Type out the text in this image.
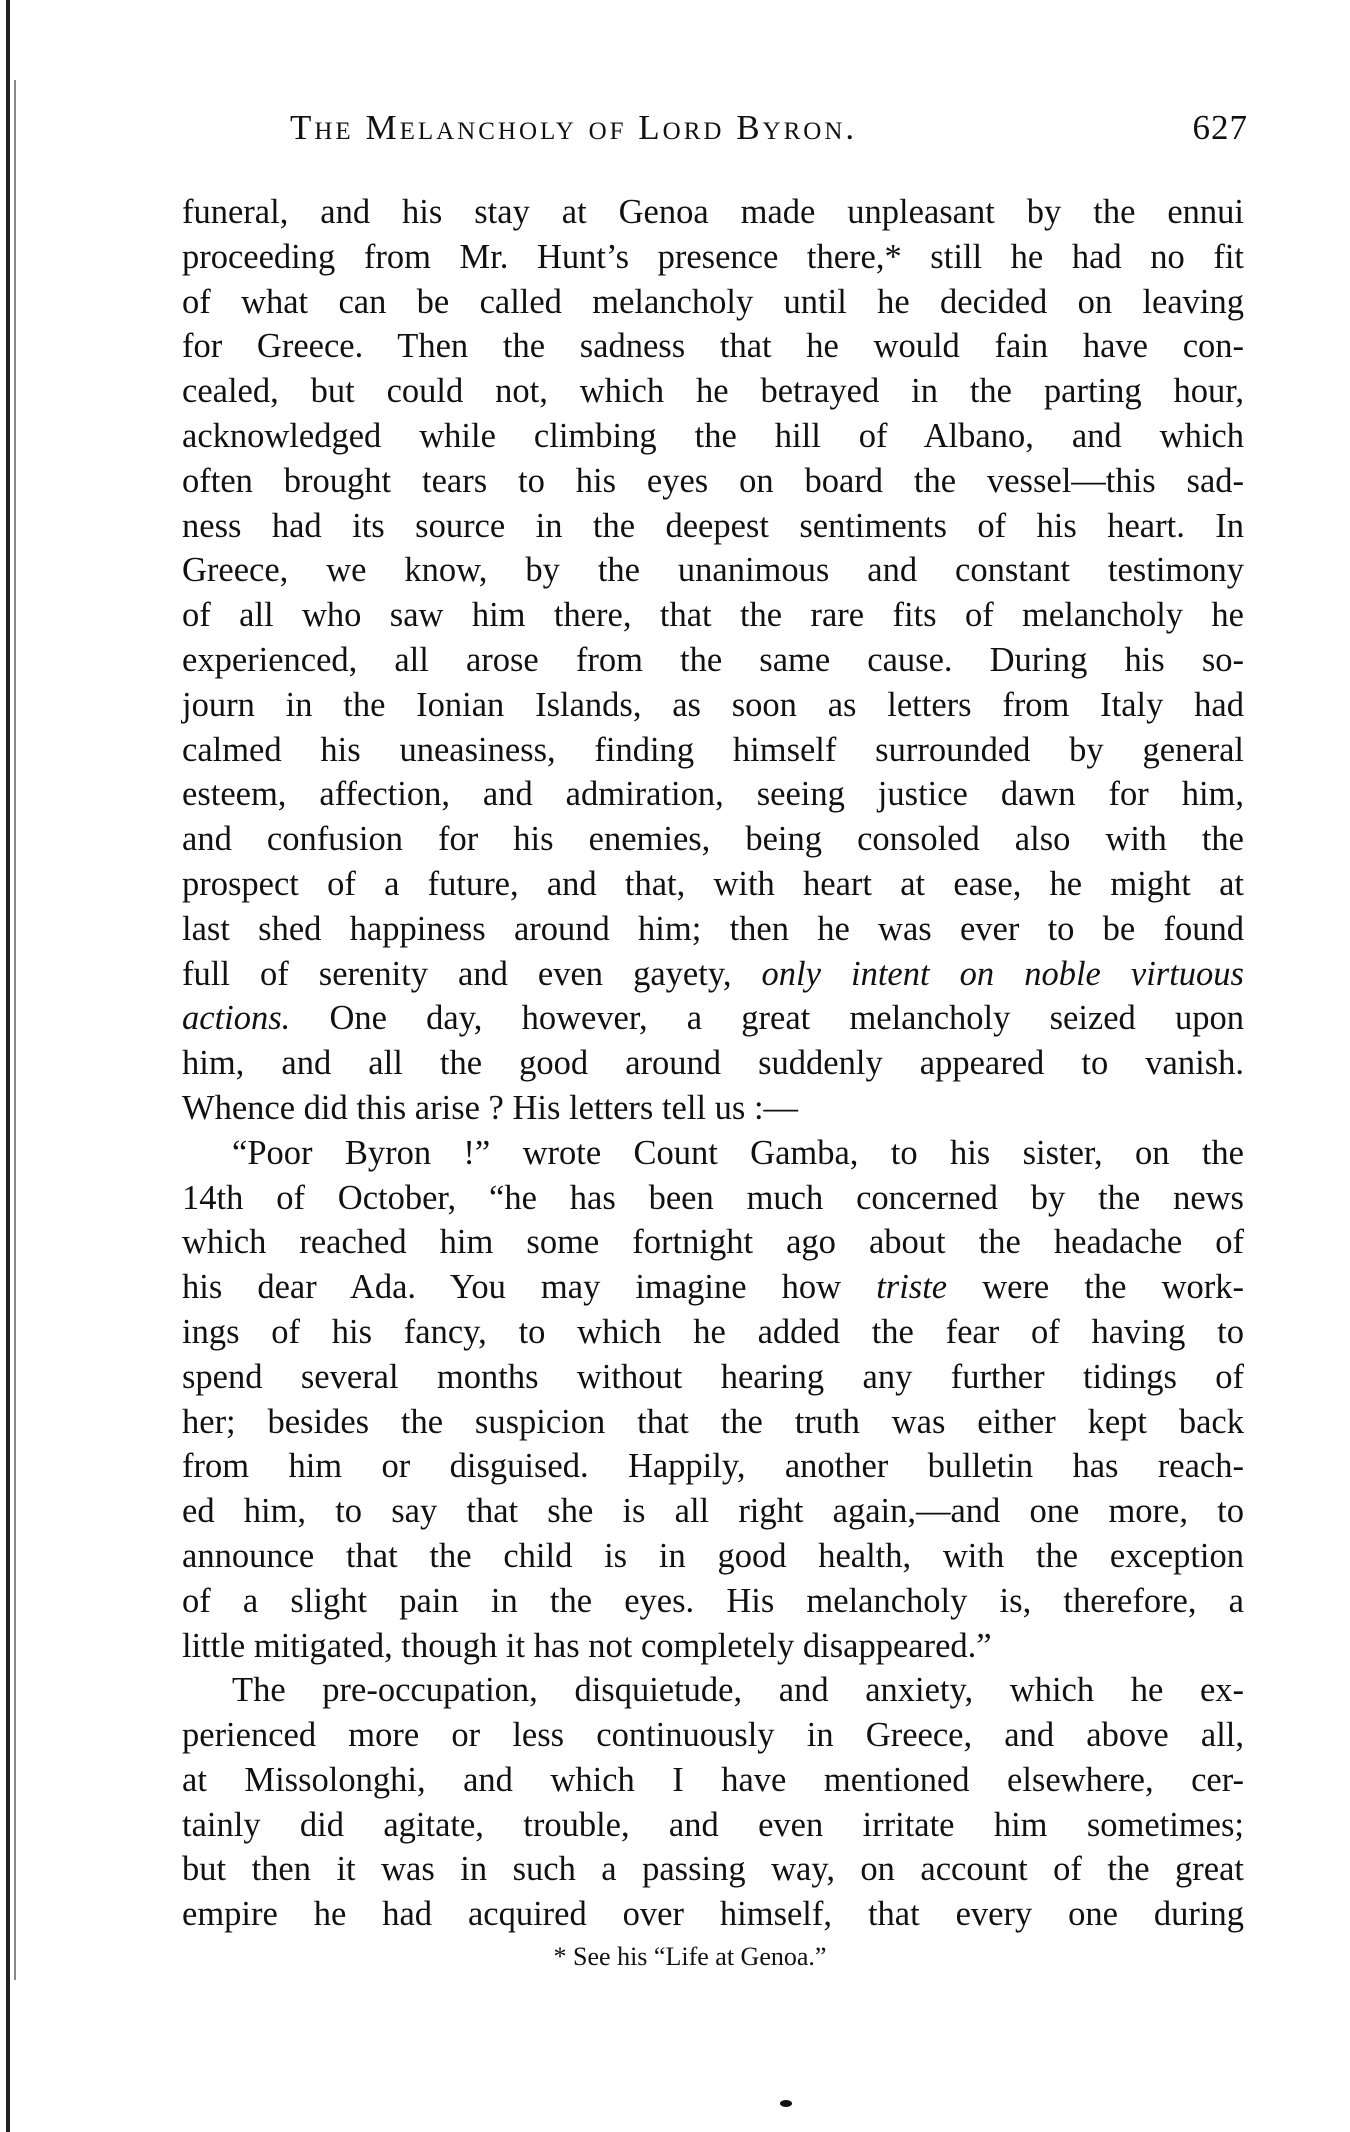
The Melancholy of Lord Byron.	627
funeral, and his stay at Genoa made unpleasant by the ennui
proceeding from Mr. Hunt’s presence there,* still he had no fit
of what can be called melancholy until he decided on leaving
for Greece. Then the sadness that he would fain have con-
cealed, but could not, which he betrayed in the parting hour,
acknowledged while climbing the hill of Albano, and which
often brought tears to his eyes on board the vessel—this sad-
ness had its source in the deepest sentiments of his heart. In
Greece, we know, by the unanimous and constant testimony
of all who saw him there, that the rare fits of melancholy he
experienced, all arose from the same cause. During his so-
journ in the Ionian Islands, as soon as letters from Italy had
calmed his uneasiness, finding himself surrounded by general
esteem, affection, and admiration, seeing justice dawn for him,
and confusion for his enemies, being consoled also with the
prospect of a future, and that, with heart at ease, he might at
last shed happiness around him; then he was ever to be found
full of serenity and even gayety, only intent on noble virtuous
actions. One day, however, a great melancholy seized upon
him, and all the good around suddenly appeared to vanish.
Whence did this arise ? His letters tell us :—
“Poor Byron !” wrote Count Gamba, to his sister, on the
14th of October, “he has been much concerned by the news
which reached him some fortnight ago about the headache of
his dear Ada. You may imagine how triste were the work-
ings of his fancy, to which he added the fear of having to
spend several months without hearing any further tidings of
her; besides the suspicion that the truth was either kept back
from him or disguised. Happily, another bulletin has reach-
ed him, to say that she is all right again,—and one more, to
announce that the child is in good health, with the exception
of a slight pain in the eyes. His melancholy is, therefore, a
little mitigated, though it has not completely disappeared.”
The pre-occupation, disquietude, and anxiety, which he ex-
perienced more or less continuously in Greece, and above all,
at Missolonghi, and which I have mentioned elsewhere, cer-
tainly did agitate, trouble, and even irritate him sometimes;
but then it was in such a passing way, on account of the great
empire he had acquired over himself, that every one during
* See his “Life at Genoa.”
